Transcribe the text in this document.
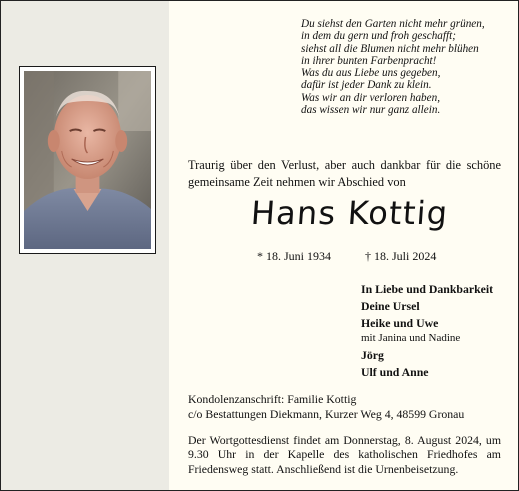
Du siehst den Garten nicht mehr grünen,
in dem du gern und froh geschafft;
siehst all die Blumen nicht mehr blühen
in ihrer bunten Farbenpracht!
Was du aus Liebe uns gegeben,
dafür ist jeder Dank zu klein.
Was wir an dir verloren haben,
das wissen wir nur ganz allein.
Traurig über den Verlust, aber auch dankbar für die schöne gemeinsame Zeit nehmen wir Abschied von
Hans Kottig
* 18. Juni 1934	† 18. Juli 2024
In Liebe und Dankbarkeit
Deine Ursel
Heike und Uwe
mit Janina und Nadine
Jörg
Ulf und Anne
Kondolenzanschrift: Familie Kottig
c/o Bestattungen Diekmann, Kurzer Weg 4, 48599 Gronau
Der Wortgottesdienst findet am Donnerstag, 8. August 2024, um 9.30 Uhr in der Kapelle des katholischen Friedhofes am Friedensweg statt. Anschließend ist die Urnenbeisetzung.
